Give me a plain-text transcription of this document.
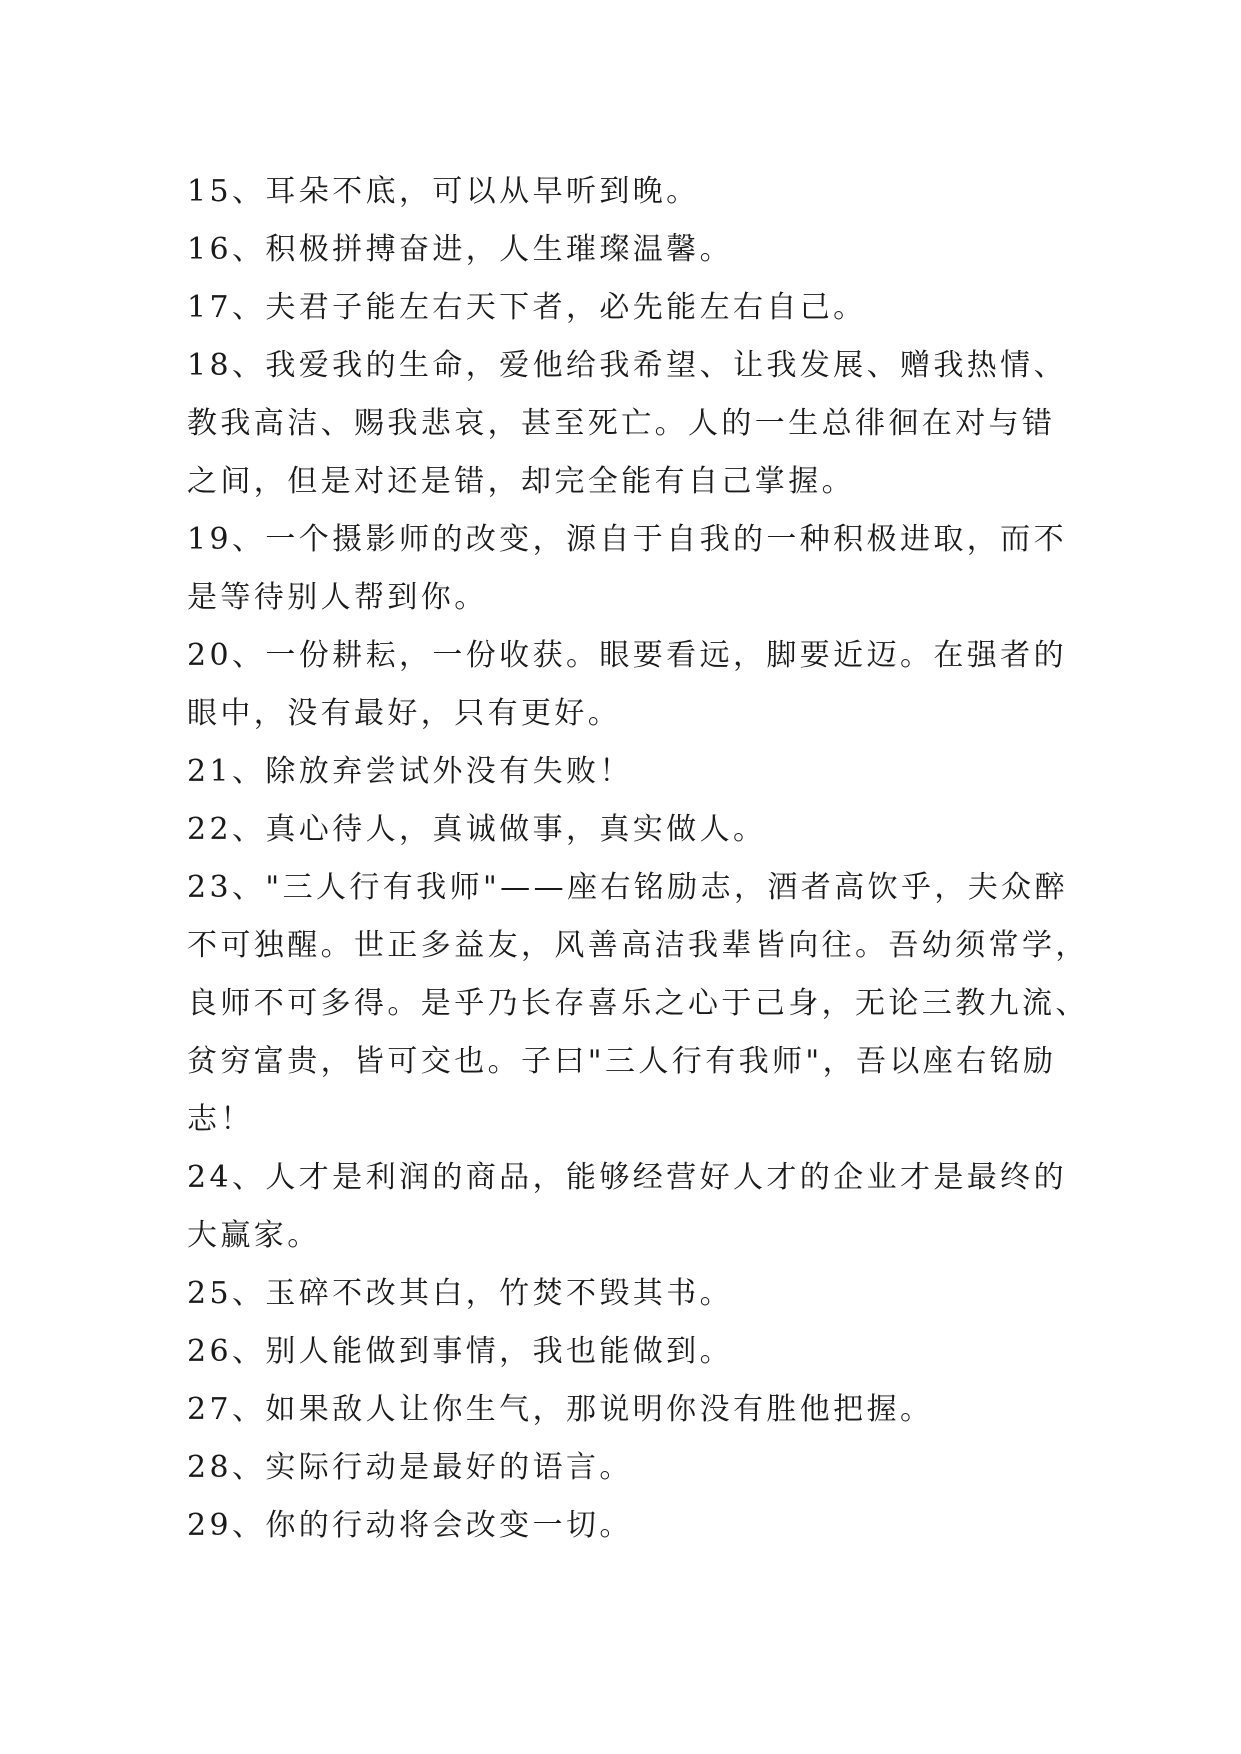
15、耳朵不底，可以从早听到晚。

16、积极拼搏奋进，人生璀璨温馨。

17、夫君子能左右天下者，必先能左右自己。

18、我爱我的生命，爱他给我希望、让我发展、赠我热情、

教我高洁、赐我悲哀，甚至死亡。人的一生总徘徊在对与错

之间，但是对还是错，却完全能有自己掌握。

19、一个摄影师的改变，源自于自我的一种积极进取，而不

是等待别人帮到你。

20、一份耕耘，一份收获。眼要看远，脚要近迈。在强者的

眼中，没有最好，只有更好。

21、除放弃尝试外没有失败！

22、真心待人，真诚做事，真实做人。

23、"三人行有我师"——座右铭励志，酒者高饮乎，夫众醉

不可独醒。世正多益友，风善高洁我辈皆向往。吾幼须常学，

良师不可多得。是乎乃长存喜乐之心于己身，无论三教九流、

贫穷富贵，皆可交也。子曰"三人行有我师"，吾以座右铭励

志！

24、人才是利润的商品，能够经营好人才的企业才是最终的

大赢家。

25、玉碎不改其白，竹焚不毁其书。

26、别人能做到事情，我也能做到。

27、如果敌人让你生气，那说明你没有胜他把握。

28、实际行动是最好的语言。

29、你的行动将会改变一切。
